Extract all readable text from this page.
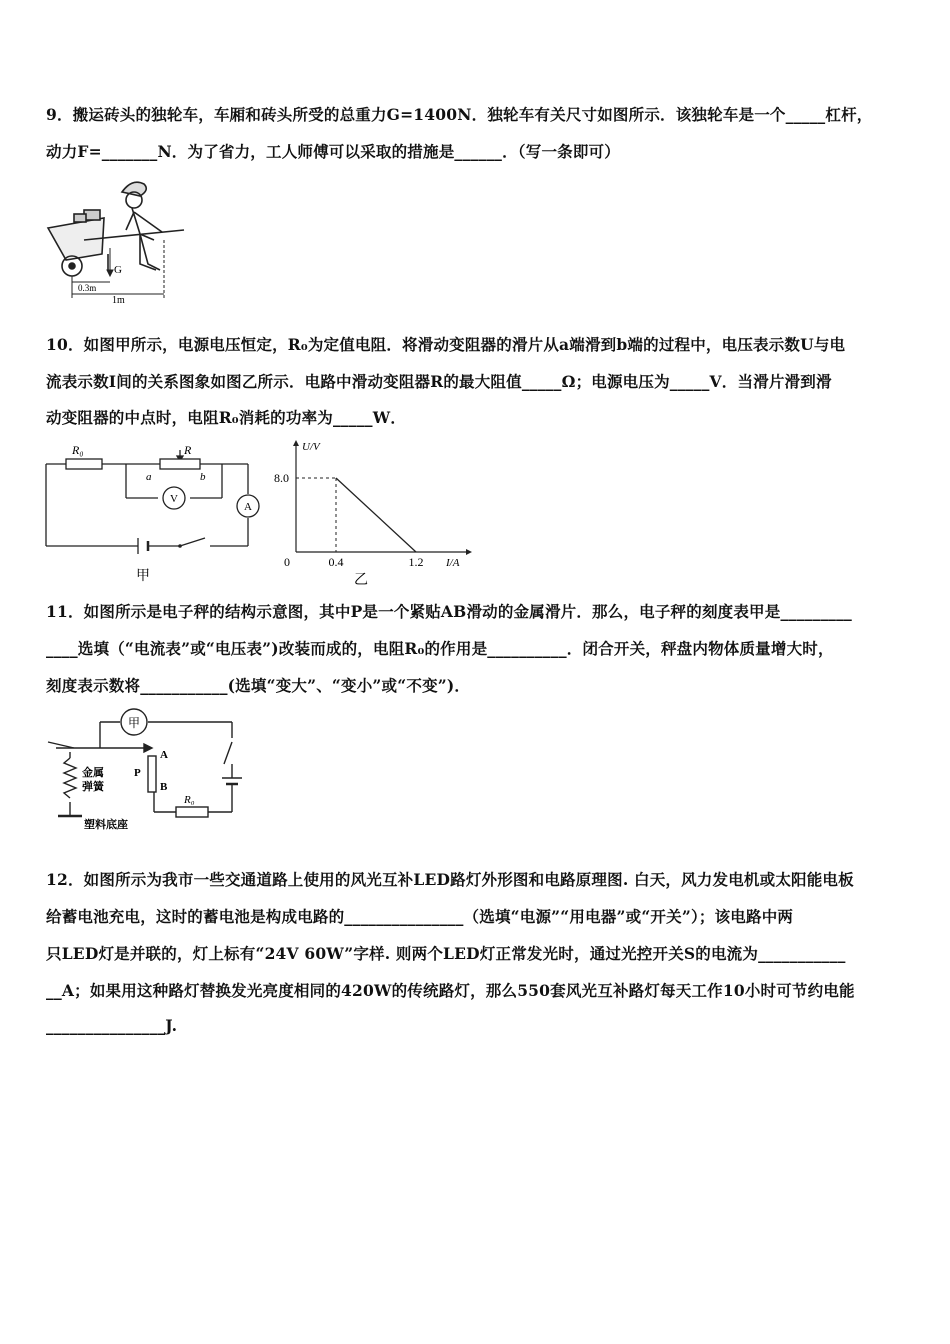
9．搬运砖头的独轮车，车厢和砖头所受的总重力G=1400N．独轮车有关尺寸如图所示．该独轮车是一个_____杠杆，
动力F=_______N．为了省力，工人师傅可以采取的措施是______．（写一条即可）
G
0.3m
1m
10．如图甲所示，电源电压恒定，R₀为定值电阻．将滑动变阻器的滑片从a端滑到b端的过程中，电压表示数U与电
流表示数I间的关系图象如图乙所示．电路中滑动变阻器R的最大阻值_____Ω；电源电压为_____V．当滑片滑到滑
动变阻器的中点时，电阻R₀消耗的功率为_____W．
R₀	R
a	b
V
A
甲
U/V
I/A
0
8.0
0.4	1.2
乙
11．如图所示是电子秤的结构示意图，其中P是一个紧贴AB滑动的金属滑片．那么，电子秤的刻度表甲是_________
____选填（“电流表”或“电压表”)改装而成的，电阻R₀的作用是__________．闭合开关，秤盘内物体质量增大时，
刻度表示数将___________(选填“变大”、“变小”或“不变”)．
甲
A
B
P
R₀
金属
弹簧
塑料底座
12．如图所示为我市一些交通道路上使用的风光互补LED路灯外形图和电路原理图. 白天，风力发电机或太阳能电板
给蓄电池充电，这时的蓄电池是构成电路的_______________（选填“电源”“用电器”或“开关”）；该电路中两
只LED灯是并联的，灯上标有“24V 60W”字样. 则两个LED灯正常发光时，通过光控开关S的电流为___________
__A；如果用这种路灯替换发光亮度相同的420W的传统路灯，那么550套风光互补路灯每天工作10小时可节约电能
_______________J.
